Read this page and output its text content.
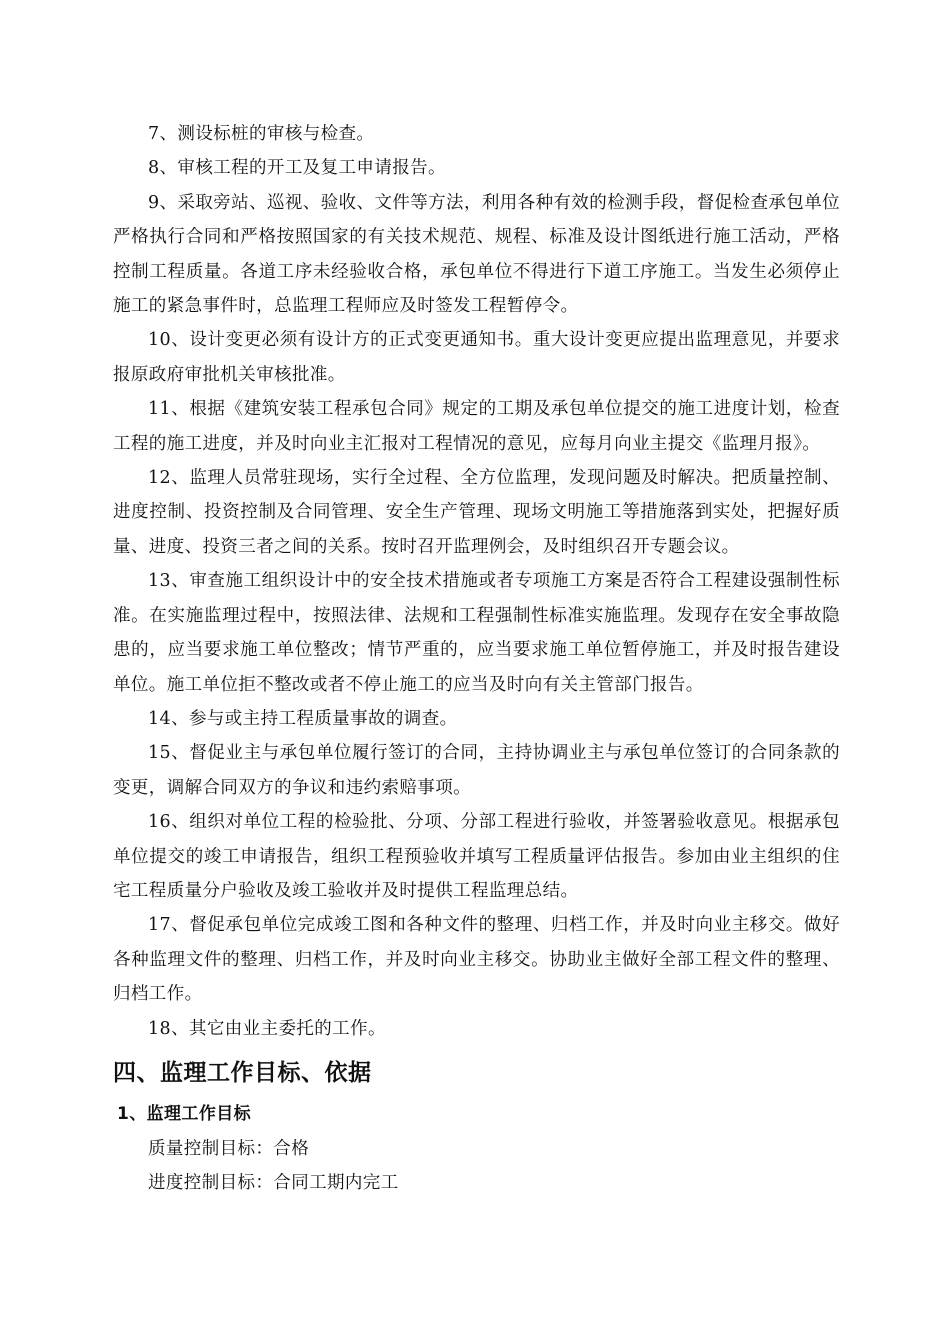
7、测设标桩的审核与检查。

8、审核工程的开工及复工申请报告。

9、采取旁站、巡视、验收、文件等方法，利用各种有效的检测手段，督促检查承包单位严格执行合同和严格按照国家的有关技术规范、规程、标准及设计图纸进行施工活动，严格控制工程质量。各道工序未经验收合格，承包单位不得进行下道工序施工。当发生必须停止施工的紧急事件时，总监理工程师应及时签发工程暂停令。

10、设计变更必须有设计方的正式变更通知书。重大设计变更应提出监理意见，并要求报原政府审批机关审核批准。

11、根据《建筑安装工程承包合同》规定的工期及承包单位提交的施工进度计划，检查工程的施工进度，并及时向业主汇报对工程情况的意见，应每月向业主提交《监理月报》。

12、监理人员常驻现场，实行全过程、全方位监理，发现问题及时解决。把质量控制、进度控制、投资控制及合同管理、安全生产管理、现场文明施工等措施落到实处，把握好质量、进度、投资三者之间的关系。按时召开监理例会，及时组织召开专题会议。

13、审查施工组织设计中的安全技术措施或者专项施工方案是否符合工程建设强制性标准。在实施监理过程中，按照法律、法规和工程强制性标准实施监理。发现存在安全事故隐患的，应当要求施工单位整改；情节严重的，应当要求施工单位暂停施工，并及时报告建设单位。施工单位拒不整改或者不停止施工的应当及时向有关主管部门报告。

14、参与或主持工程质量事故的调查。

15、督促业主与承包单位履行签订的合同，主持协调业主与承包单位签订的合同条款的变更，调解合同双方的争议和违约索赔事项。

16、组织对单位工程的检验批、分项、分部工程进行验收，并签署验收意见。根据承包单位提交的竣工申请报告，组织工程预验收并填写工程质量评估报告。参加由业主组织的住宅工程质量分户验收及竣工验收并及时提供工程监理总结。

17、督促承包单位完成竣工图和各种文件的整理、归档工作，并及时向业主移交。做好各种监理文件的整理、归档工作，并及时向业主移交。协助业主做好全部工程文件的整理、归档工作。

18、其它由业主委托的工作。

四、监理工作目标、依据
1、监理工作目标

质量控制目标：合格

进度控制目标：合同工期内完工
